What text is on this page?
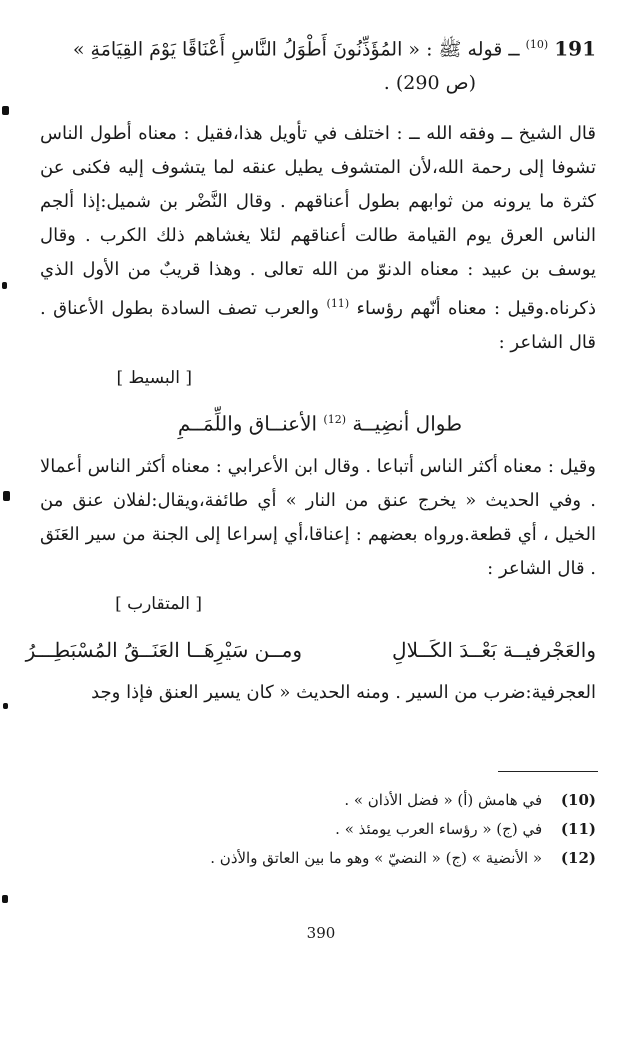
191 $^{(10)}$ ــ قوله ﷺ : « المُؤَذِّنُونَ أَطْوَلُ النَّاسِ أَعْنَاقًا يَوْمَ القِيَامَةِ »
(ص 290) .
قال الشيخ ــ وفقه الله ــ : اختلف في تأويل هذا،فقيل : معناه أطول الناس تشوفا إلى رحمة الله،لأن المتشوف يطيل عنقه لما يتشوف إليه فكنى عن كثرة ما يرونه من ثوابهم بطول أعناقهم . وقال النَّضْر بن شميل:إذا ألجم الناس العرق يوم القيامة طالت أعناقهم لئلا يغشاهم ذلك الكرب . وقال يوسف بن عبيد : معناه الدنوّ من الله تعالى . وهذا قريبٌ من الأول الذي ذكرناه.وقيل : معناه أنّهم رؤساء $^{(11)}$ والعرب تصف السادة بطول الأعناق . قال الشاعر :
[ البسيط ]
طوال أنضِيــة $^{(12)}$ الأعنــاق واللِّمَــمِ
وقيل : معناه أكثر الناس أتباعا . وقال ابن الأعرابي : معناه أكثر الناس أعمالا . وفي الحديث « يخرج عنق من النار » أي طائفة،ويقال:لفلان عنق من الخيل ، أي قطعة.ورواه بعضهم : إعناقا،أي إسراعا إلى الجنة من سير العَنَق . قال الشاعر :
[ المتقارب ]
والعَجْرفيــة بَعْــدَ الكَــلالِ
ومــن سَيْرِهَــا العَنَــقُ المُسْبَطِـــرُ
العجرفية:ضرب من السير . ومنه الحديث « كان يسير العنق فإذا وجد
(10) في هامش (أ) « فضل الأذان » .
(11) في (ج) « رؤساء العرب يومئذ » .
(12) « الأنضية » (ج) « النضيّ » وهو ما بين العاتق والأذن .
390
